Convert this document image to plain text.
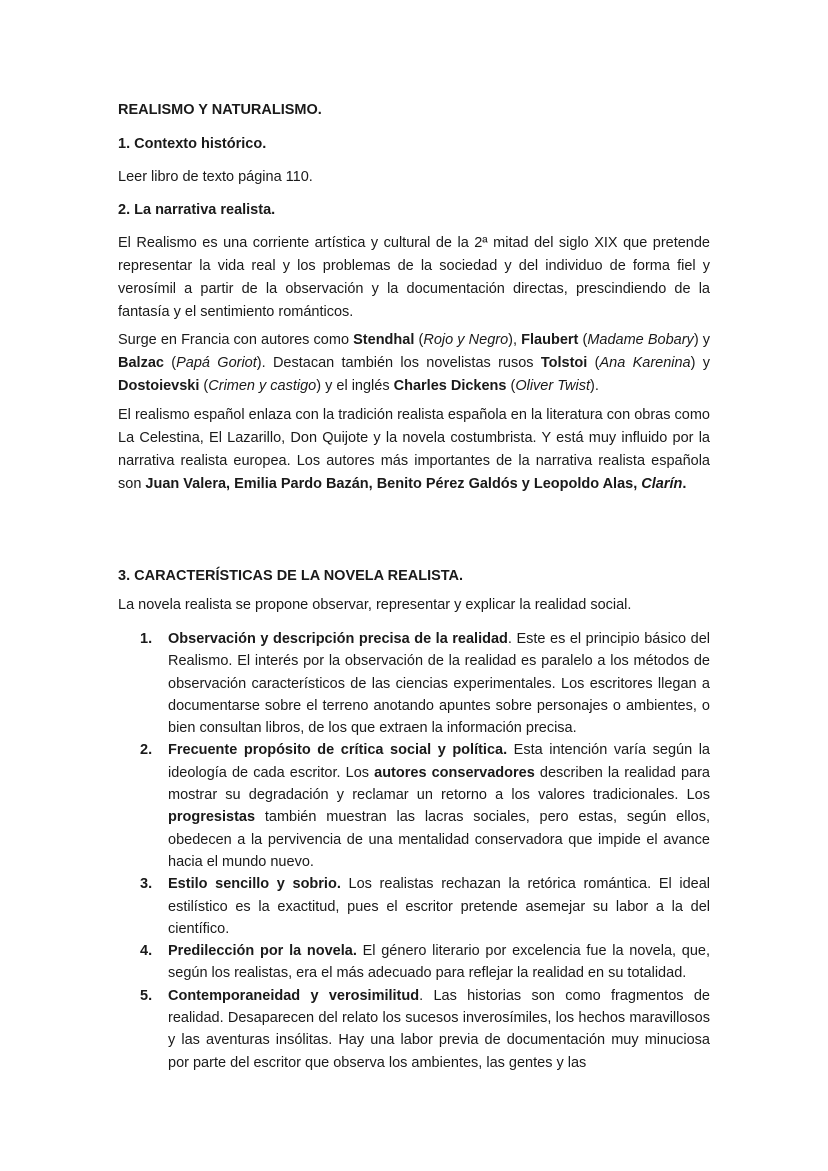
REALISMO Y NATURALISMO.

1. Contexto histórico.

Leer libro de texto página 110.

2. La narrativa realista.

El Realismo es una corriente artística y cultural de la 2ª mitad del siglo XIX que pretende representar la vida real y los problemas de la sociedad y del individuo de forma fiel y verosímil a partir de la observación y la documentación directas, prescindiendo de la fantasía y el sentimiento románticos.

Surge en Francia con autores como Stendhal (Rojo y Negro), Flaubert (Madame Bobary) y Balzac (Papá Goriot). Destacan también los novelistas rusos Tolstoi (Ana Karenina) y Dostoievski (Crimen y castigo) y el inglés Charles Dickens (Oliver Twist).

El realismo español enlaza con la tradición realista española en la literatura con obras como La Celestina, El Lazarillo, Don Quijote y la novela costumbrista. Y está muy influido por la narrativa realista europea. Los autores más importantes de la narrativa realista española son Juan Valera, Emilia Pardo Bazán, Benito Pérez Galdós y Leopoldo Alas, Clarín.

3. CARACTERÍSTICAS DE LA NOVELA REALISTA.

La novela realista se propone observar, representar y explicar la realidad social.

1. Observación y descripción precisa de la realidad. Este es el principio básico del Realismo. El interés por la observación de la realidad es paralelo a los métodos de observación característicos de las ciencias experimentales. Los escritores llegan a documentarse sobre el terreno anotando apuntes sobre personajes o ambientes, o bien consultan libros, de los que extraen la información precisa.
2. Frecuente propósito de crítica social y política. Esta intención varía según la ideología de cada escritor. Los autores conservadores describen la realidad para mostrar su degradación y reclamar un retorno a los valores tradicionales. Los progresistas también muestran las lacras sociales, pero estas, según ellos, obedecen a la pervivencia de una mentalidad conservadora que impide el avance hacia el mundo nuevo.
3. Estilo sencillo y sobrio. Los realistas rechazan la retórica romántica. El ideal estilístico es la exactitud, pues el escritor pretende asemejar su labor a la del científico.
4. Predilección por la novela. El género literario por excelencia fue la novela, que, según los realistas, era el más adecuado para reflejar la realidad en su totalidad.
5. Contemporaneidad y verosimilitud. Las historias son como fragmentos de realidad. Desaparecen del relato los sucesos inverosímiles, los hechos maravillosos y las aventuras insólitas. Hay una labor previa de documentación muy minuciosa por parte del escritor que observa los ambientes, las gentes y las
